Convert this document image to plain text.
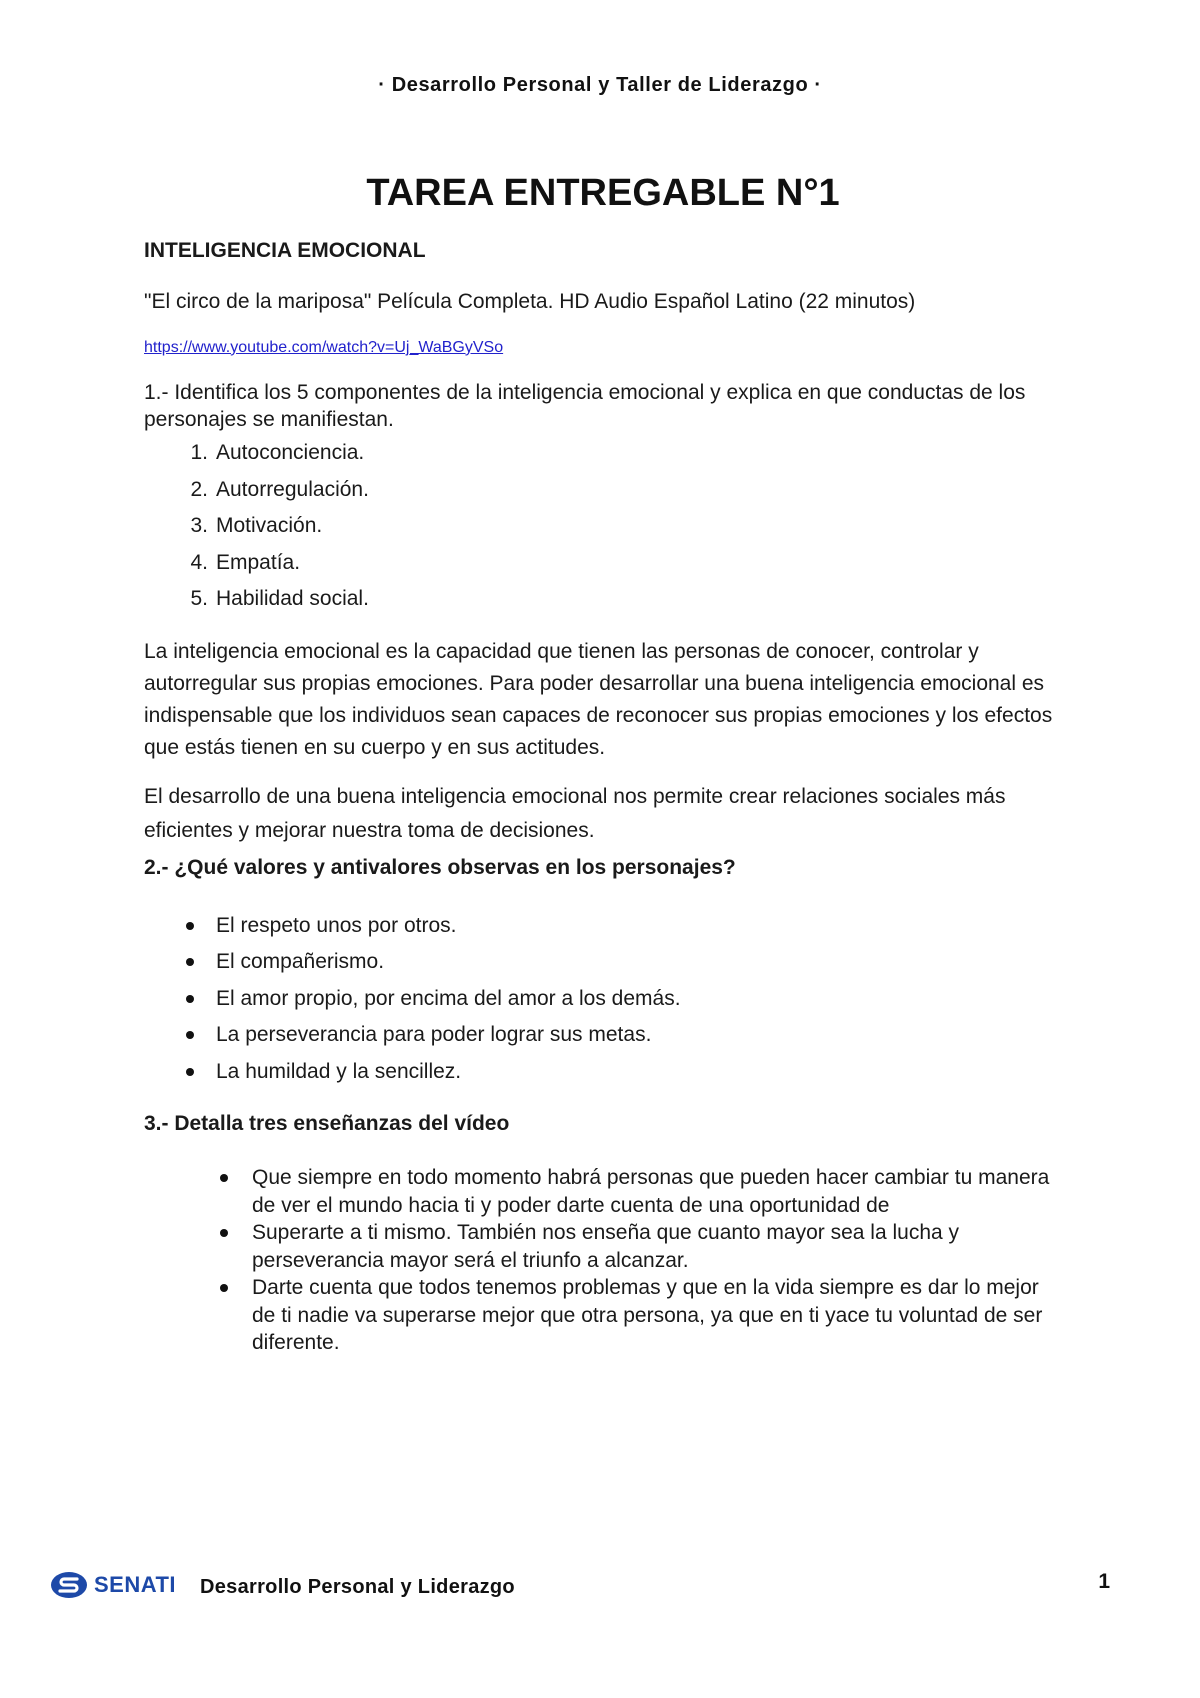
· Desarrollo Personal y Taller de Liderazgo ·
TAREA ENTREGABLE N°1
INTELIGENCIA EMOCIONAL

"El circo de la mariposa" Película Completa. HD Audio Español Latino (22 minutos)

https://www.youtube.com/watch?v=Uj_WaBGyVSo

1.- Identifica los 5 componentes de la inteligencia emocional y explica en que conductas de los personajes se manifiestan.

1. Autoconciencia.
2. Autorregulación.
3. Motivación.
4. Empatía.
5. Habilidad social.

La inteligencia emocional es la capacidad que tienen las personas de conocer, controlar y autorregular sus propias emociones. Para poder desarrollar una buena inteligencia emocional es indispensable que los individuos sean capaces de reconocer sus propias emociones y los efectos que estás tienen en su cuerpo y en sus actitudes.

El desarrollo de una buena inteligencia emocional nos permite crear relaciones sociales más eficientes y mejorar nuestra toma de decisiones.

2.- ¿Qué valores y antivalores observas en los personajes?
El respeto unos por otros.
El compañerismo.
El amor propio, por encima del amor a los demás.
La perseverancia para poder lograr sus metas.
La humildad y la sencillez.
3.- Detalla tres enseñanzas del vídeo
Que siempre en todo momento habrá personas que pueden hacer cambiar tu manera de ver el mundo hacia ti y poder darte cuenta de una oportunidad de
Superarte a ti mismo. También nos enseña que cuanto mayor sea la lucha y perseverancia mayor será el triunfo a alcanzar.
Darte cuenta que todos tenemos problemas y que en la vida siempre es dar lo mejor de ti nadie va superarse mejor que otra persona, ya que en ti yace tu voluntad de ser diferente.
SENATI Desarrollo Personal y Liderazgo	1
